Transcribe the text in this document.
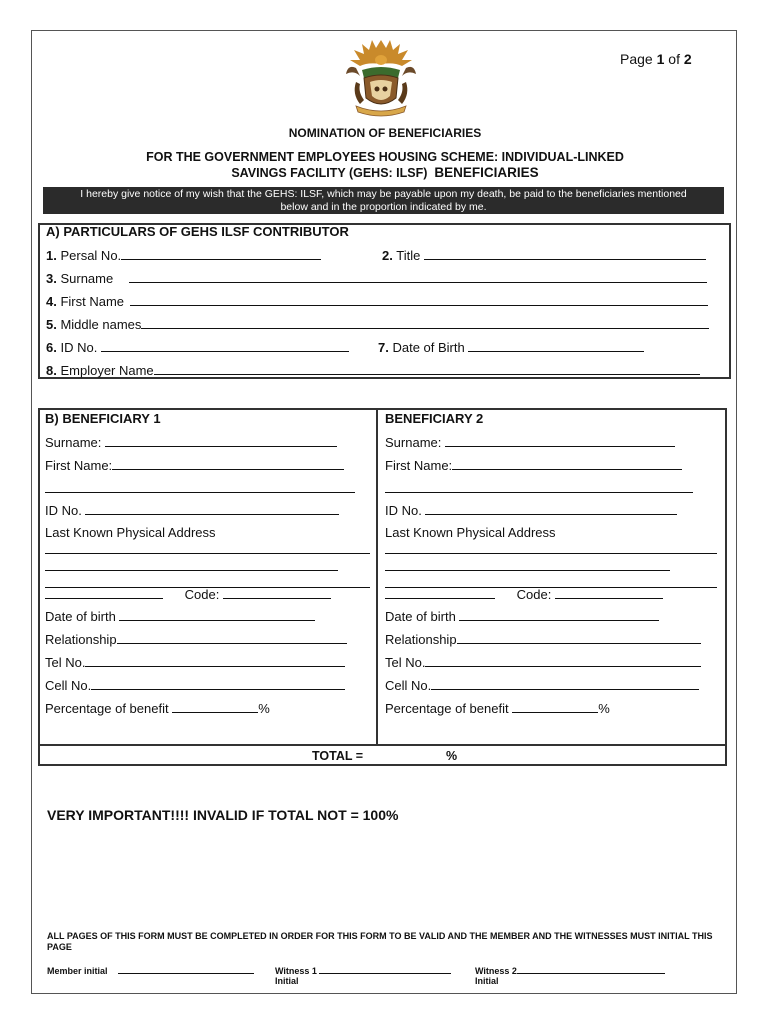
Page 1 of 2
NOMINATION OF BENEFICIARIES
FOR THE GOVERNMENT EMPLOYEES HOUSING SCHEME: INDIVIDUAL-LINKED
SAVINGS FACILITY (GEHS: ILSF) BENEFICIARIES
I hereby give notice of my wish that the GEHS: ILSF, which may be payable upon my death, be paid to the beneficiaries mentioned
below and in the proportion indicated by me.
A) PARTICULARS OF GEHS ILSF CONTRIBUTOR
1. Persal No.	2. Title
3. Surname
4. First Name
5. Middle names
6. ID No.	7. Date of Birth
8. Employer Name
B) BENEFICIARY 1
Surname:
First Name:
ID No.
Last Known Physical Address
Code:
Date of birth
Relationship
Tel No.
Cell No.
Percentage of benefit	%
BENEFICIARY 2
Surname:
First Name:
ID No.
Last Known Physical Address
Code:
Date of birth
Relationship
Tel No.
Cell No.
Percentage of benefit	%
TOTAL =	%
VERY IMPORTANT!!!! INVALID IF TOTAL NOT = 100%
ALL PAGES OF THIS FORM MUST BE COMPLETED IN ORDER FOR THIS FORM TO BE VALID AND THE MEMBER AND THE WITNESSES MUST INITIAL THIS PAGE
Member initial	Witness 1
Initial
Witness 2
Initial
